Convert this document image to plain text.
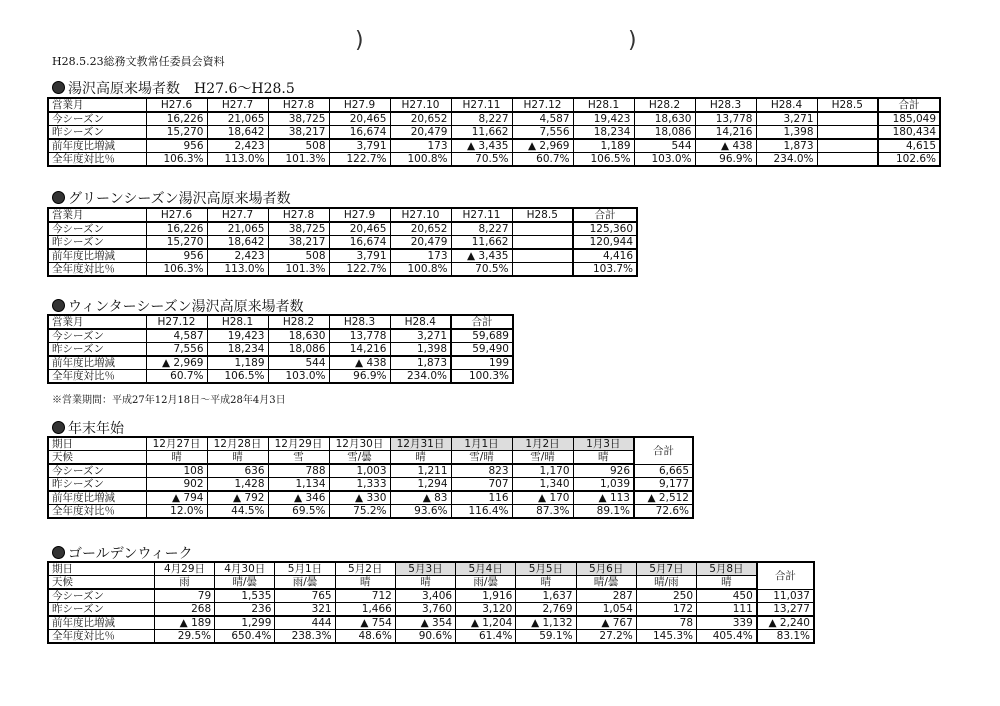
)	)
H28.5.23総務文教常任委員会資料
湯沢高原来場者数　H27.6～H28.5
営業月	H27.6	H27.7	H27.8	H27.9	H27.10	H27.11	H27.12	H28.1	H28.2	H28.3	H28.4	H28.5	合計
今シーズン	16,226	21,065	38,725	20,465	20,652	8,227	4,587	19,423	18,630	13,778	3,271		185,049
昨シーズン	15,270	18,642	38,217	16,674	20,479	11,662	7,556	18,234	18,086	14,216	1,398		180,434
前年度比増減	956	2,423	508	3,791	173	▲ 3,435	▲ 2,969	1,189	544	▲ 438	1,873		4,615
全年度対比％	106.3%	113.0%	101.3%	122.7%	100.8%	70.5%	60.7%	106.5%	103.0%	96.9%	234.0%		102.6%
グリーンシーズン湯沢高原来場者数
営業月	H27.6	H27.7	H27.8	H27.9	H27.10	H27.11	H28.5	合計
今シーズン	16,226	21,065	38,725	20,465	20,652	8,227		125,360
昨シーズン	15,270	18,642	38,217	16,674	20,479	11,662		120,944
前年度比増減	956	2,423	508	3,791	173	▲ 3,435		4,416
全年度対比％	106.3%	113.0%	101.3%	122.7%	100.8%	70.5%		103.7%
ウィンターシーズン湯沢高原来場者数
営業月	H27.12	H28.1	H28.2	H28.3	H28.4	合計
今シーズン	4,587	19,423	18,630	13,778	3,271	59,689
昨シーズン	7,556	18,234	18,086	14,216	1,398	59,490
前年度比増減	▲ 2,969	1,189	544	▲ 438	1,873	199
全年度対比％	60.7%	106.5%	103.0%	96.9%	234.0%	100.3%
※営業期間：平成27年12月18日～平成28年4月3日
年末年始
期日	12月27日	12月28日	12月29日	12月30日	12月31日	1月1日	1月2日	1月3日	合計
天候	晴	晴	雪	雪/曇	晴	雪/晴	雪/晴	晴	
今シーズン	108	636	788	1,003	1,211	823	1,170	926	6,665
昨シーズン	902	1,428	1,134	1,333	1,294	707	1,340	1,039	9,177
前年度比増減	▲ 794	▲ 792	▲ 346	▲ 330	▲ 83	116	▲ 170	▲ 113	▲ 2,512
全年度対比％	12.0%	44.5%	69.5%	75.2%	93.6%	116.4%	87.3%	89.1%	72.6%
ゴールデンウィーク
期日	4月29日	4月30日	5月1日	5月2日	5月3日	5月4日	5月5日	5月6日	5月7日	5月8日	合計
天候	雨	晴/曇	雨/曇	晴	晴	雨/曇	晴	晴/曇	晴/雨	晴	
今シーズン	79	1,535	765	712	3,406	1,916	1,637	287	250	450	11,037
昨シーズン	268	236	321	1,466	3,760	3,120	2,769	1,054	172	111	13,277
前年度比増減	▲ 189	1,299	444	▲ 754	▲ 354	▲ 1,204	▲ 1,132	▲ 767	78	339	▲ 2,240
全年度対比％	29.5%	650.4%	238.3%	48.6%	90.6%	61.4%	59.1%	27.2%	145.3%	405.4%	83.1%
